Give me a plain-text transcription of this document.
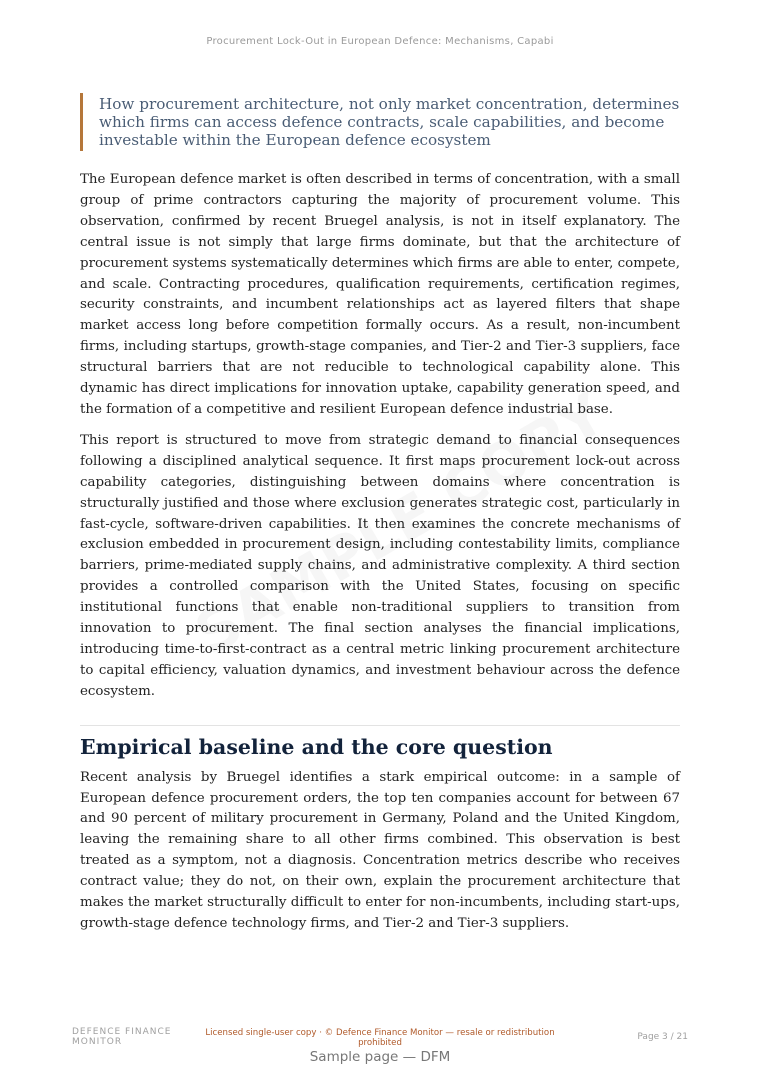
Procurement Lock-Out in European Defence: Mechanisms, Capabi

How procurement architecture, not only market concentration, determines which firms can access defence contracts, scale capabilities, and become investable within the European defence ecosystem

The European defence market is often described in terms of concentration, with a small group of prime contractors capturing the majority of procurement volume. This observation, confirmed by recent Bruegel analysis, is not in itself explanatory. The central issue is not simply that large firms dominate, but that the architecture of procurement systems systematically determines which firms are able to enter, compete, and scale. Contracting procedures, qualification requirements, certification regimes, security constraints, and incumbent relationships act as layered filters that shape market access long before competition formally occurs. As a result, non-incumbent firms, including startups, growth-stage companies, and Tier-2 and Tier-3 suppliers, face structural barriers that are not reducible to technological capability alone. This dynamic has direct implications for innovation uptake, capability generation speed, and the formation of a competitive and resilient European defence industrial base.

This report is structured to move from strategic demand to financial consequences following a disciplined analytical sequence. It first maps procurement lock-out across capability categories, distinguishing between domains where concentration is structurally justified and those where exclusion generates strategic cost, particularly in fast-cycle, software-driven capabilities. It then examines the concrete mechanisms of exclusion embedded in procurement design, including contestability limits, compliance barriers, prime-mediated supply chains, and administrative complexity. A third section provides a controlled comparison with the United States, focusing on specific institutional functions that enable non-traditional suppliers to transition from innovation to procurement. The final section analyses the financial implications, introducing time-to-first-contract as a central metric linking procurement architecture to capital efficiency, valuation dynamics, and investment behaviour across the defence ecosystem.

Empirical baseline and the core question

Recent analysis by Bruegel identifies a stark empirical outcome: in a sample of European defence procurement orders, the top ten companies account for between 67 and 90 percent of military procurement in Germany, Poland and the United Kingdom, leaving the remaining share to all other firms combined. This observation is best treated as a symptom, not a diagnosis. Concentration metrics describe who receives contract value; they do not, on their own, explain the procurement architecture that makes the market structurally difficult to enter for non-incumbents, including start-ups, growth-stage defence technology firms, and Tier-2 and Tier-3 suppliers.

DEFENCE FINANCE
MONITOR
Licensed single-user copy · © Defence Finance Monitor — resale or redistribution prohibited
Page 3 / 21
Sample page — DFM
